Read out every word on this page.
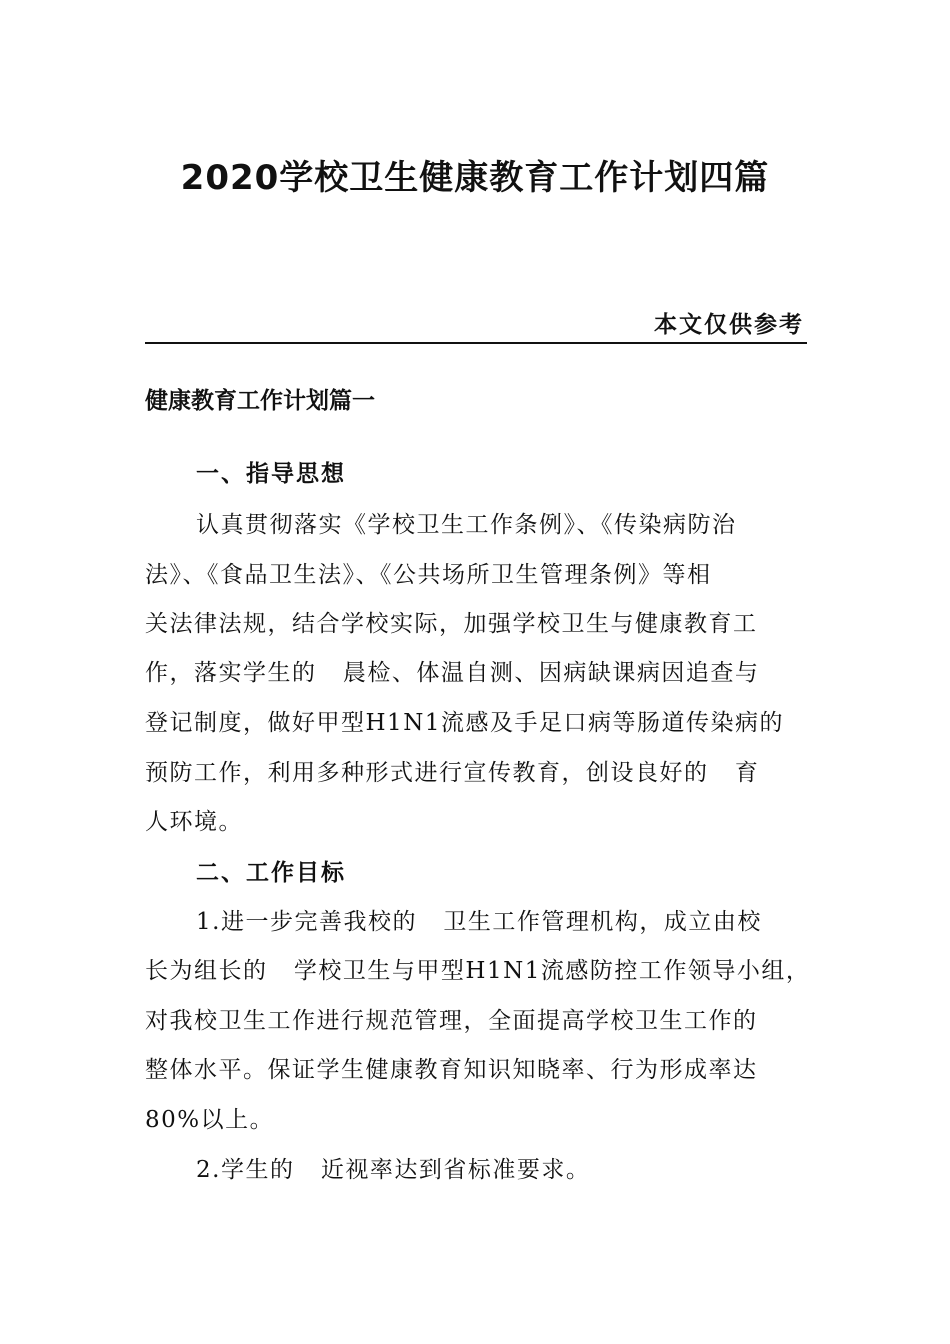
2020学校卫生健康教育工作计划四篇
本文仅供参考
健康教育工作计划篇一
一、指导思想
认真贯彻落实《学校卫生工作条例》、《传染病防治
法》、《食品卫生法》、《公共场所卫生管理条例》等相
关法律法规，结合学校实际，加强学校卫生与健康教育工
作，落实学生的   晨检、体温自测、因病缺课病因追查与
登记制度，做好甲型H1N1流感及手足口病等肠道传染病的
预防工作，利用多种形式进行宣传教育，创设良好的   育
人环境。
二、工作目标
1.进一步完善我校的   卫生工作管理机构，成立由校
长为组长的   学校卫生与甲型H1N1流感防控工作领导小组，
对我校卫生工作进行规范管理，全面提高学校卫生工作的
整体水平。保证学生健康教育知识知晓率、行为形成率达
80%以上。
2.学生的   近视率达到省标准要求。
